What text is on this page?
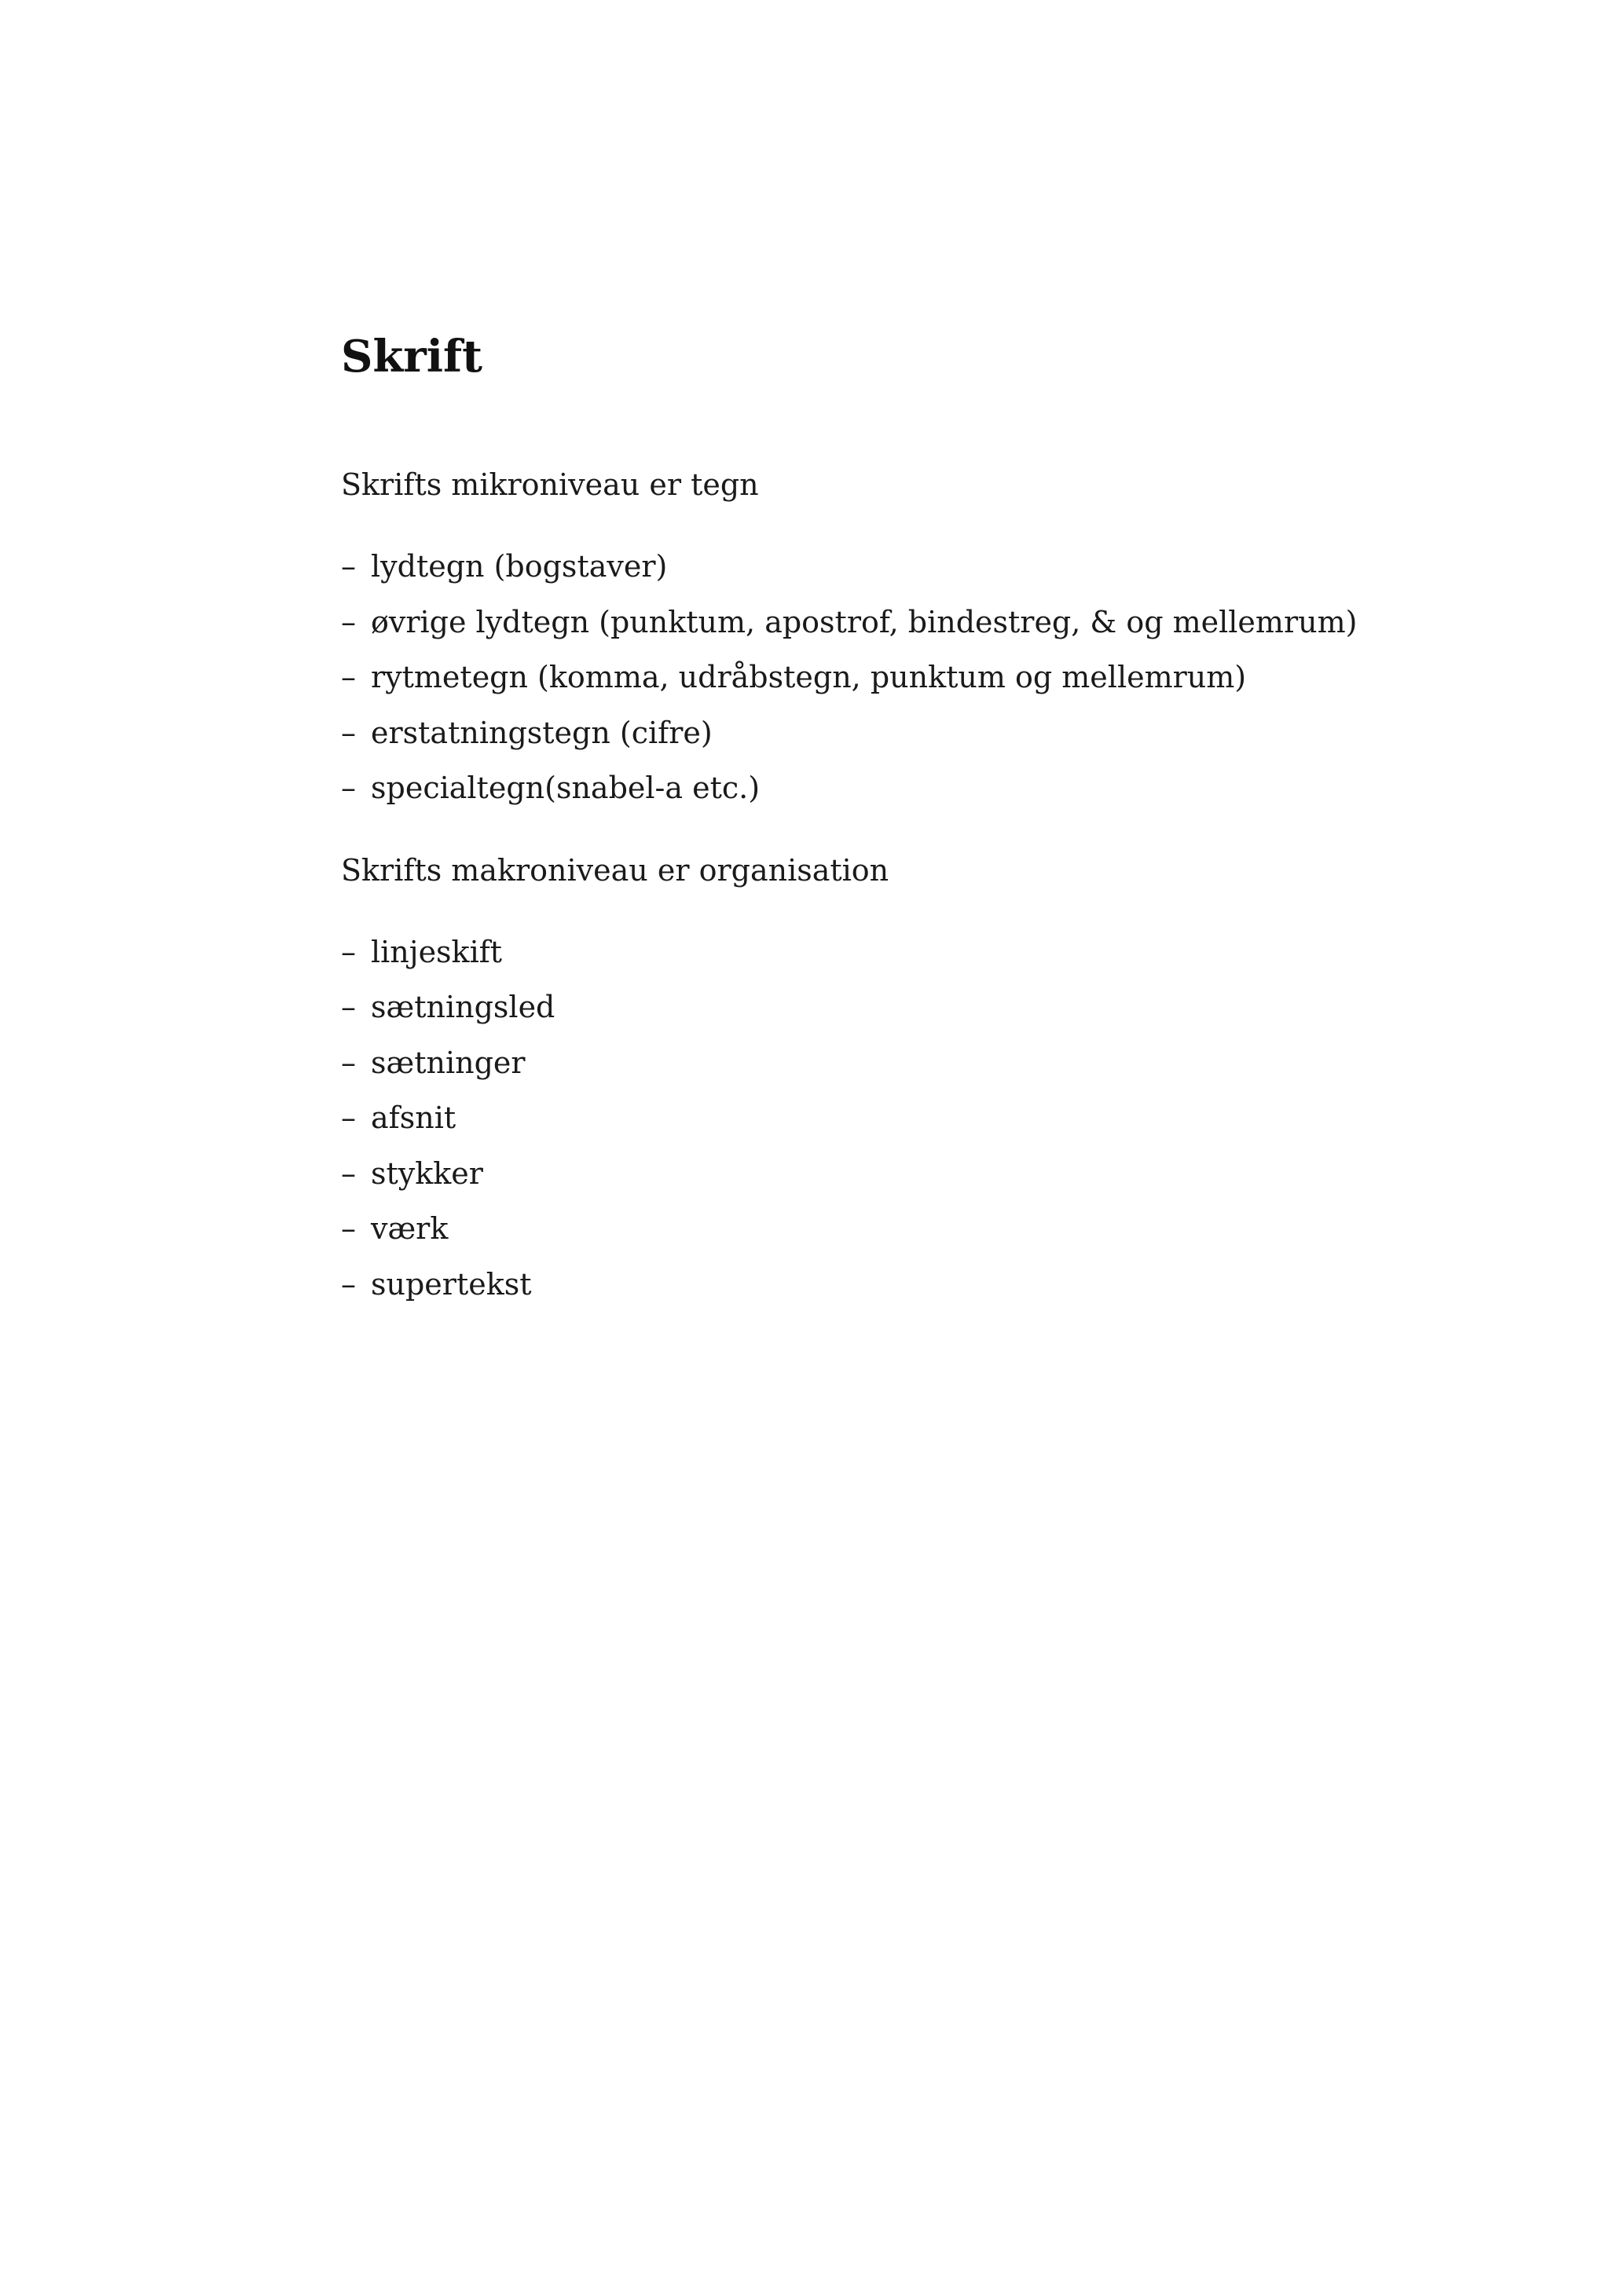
Skrift

Skrifts mikroniveau er tegn

– lydtegn (bogstaver)
– øvrige lydtegn (punktum, apostrof, bindestreg, & og mellemrum)
– rytmetegn (komma, udråbstegn, punktum og mellemrum)
– erstatningstegn (cifre)
– specialtegn(snabel-a etc.)

Skrifts makroniveau er organisation

– linjeskift
– sætningsled
– sætninger
– afsnit
– stykker
– værk
– supertekst
